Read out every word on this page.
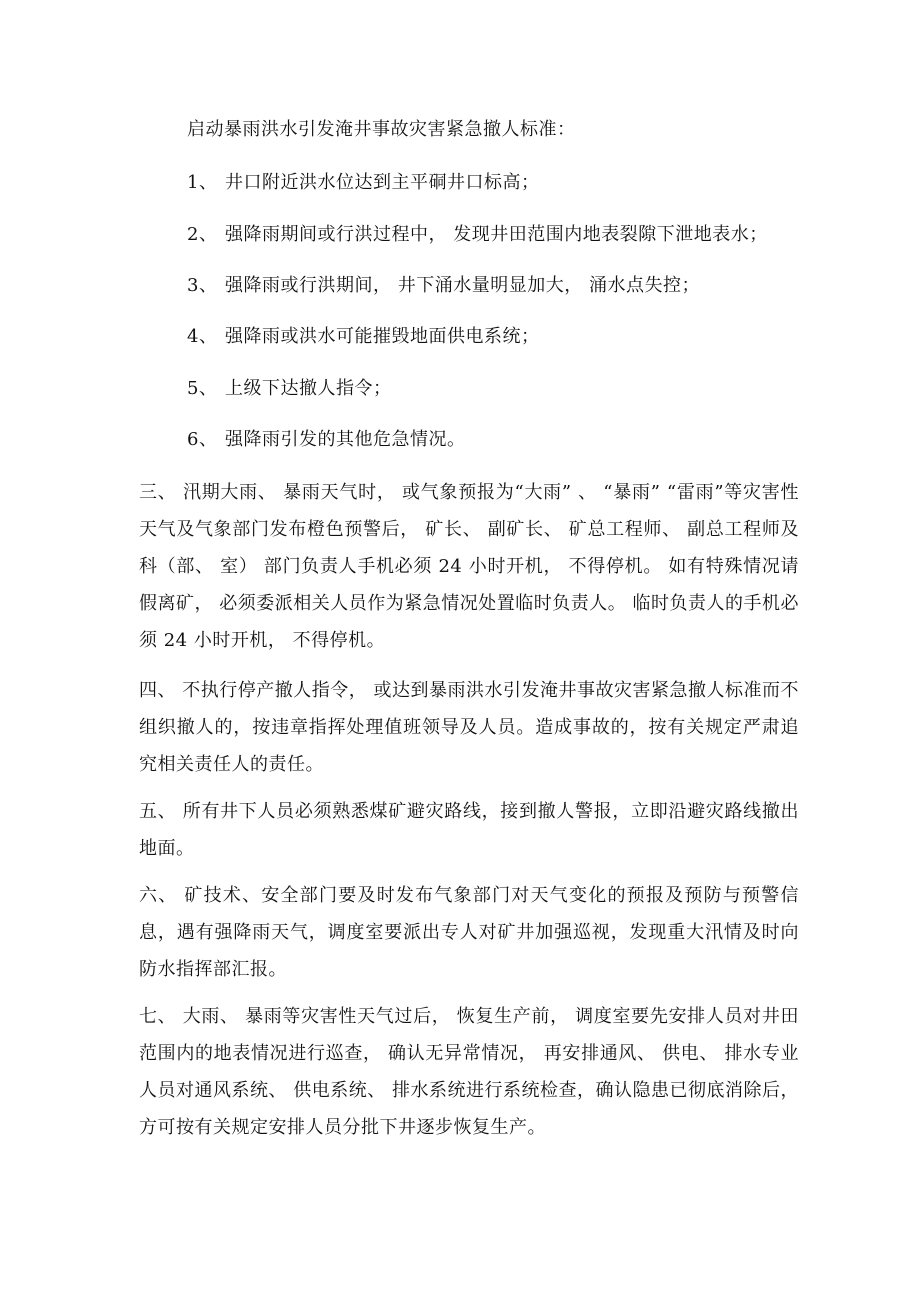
启动暴雨洪水引发淹井事故灾害紧急撤人标准：
1、 井口附近洪水位达到主平硐井口标高；
2、 强降雨期间或行洪过程中， 发现井田范围内地表裂隙下泄地表水；
3、 强降雨或行洪期间， 井下涌水量明显加大， 涌水点失控；
4、 强降雨或洪水可能摧毁地面供电系统；
5、 上级下达撤人指令；
6、 强降雨引发的其他危急情况。
三、 汛期大雨、 暴雨天气时， 或气象预报为“大雨” 、 “暴雨” “雷雨”等灾害性天气及气象部门发布橙色预警后， 矿长、 副矿长、 矿总工程师、 副总工程师及科（部、 室） 部门负责人手机必须 24 小时开机， 不得停机。 如有特殊情况请假离矿， 必须委派相关人员作为紧急情况处置临时负责人。 临时负责人的手机必须 24 小时开机， 不得停机。
四、 不执行停产撤人指令， 或达到暴雨洪水引发淹井事故灾害紧急撤人标准而不组织撤人的，按违章指挥处理值班领导及人员。造成事故的，按有关规定严肃追究相关责任人的责任。
五、 所有井下人员必须熟悉煤矿避灾路线，接到撤人警报，立即沿避灾路线撤出地面。
六、 矿技术、安全部门要及时发布气象部门对天气变化的预报及预防与预警信息，遇有强降雨天气，调度室要派出专人对矿井加强巡视，发现重大汛情及时向防水指挥部汇报。
七、 大雨、 暴雨等灾害性天气过后， 恢复生产前， 调度室要先安排人员对井田范围内的地表情况进行巡查， 确认无异常情况， 再安排通风、 供电、 排水专业人员对通风系统、 供电系统、 排水系统进行系统检查，确认隐患已彻底消除后， 方可按有关规定安排人员分批下井逐步恢复生产。
